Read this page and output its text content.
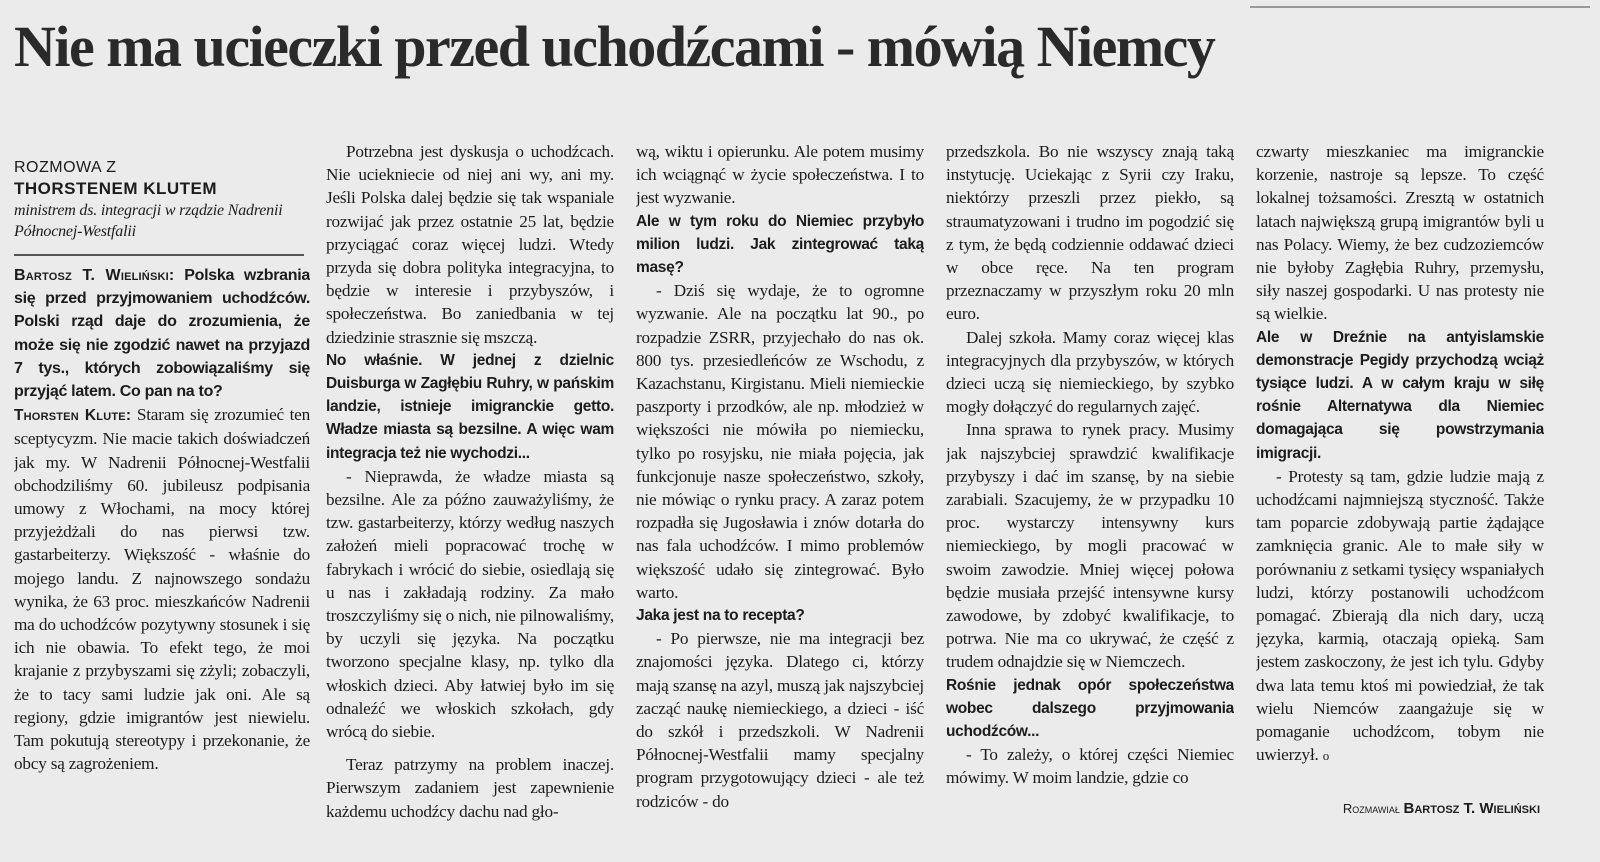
Nie ma ucieczki przed uchodźcami - mówią Niemcy
ROZMOWA Z
THORSTENEM KLUTEM
ministrem ds. integracji w rządzie Nadrenii Północnej-Westfalii

Bartosz T. Wieliński: Polska wzbrania się przed przyjmowaniem uchodźców. Polski rząd daje do zrozumienia, że może się nie zgodzić nawet na przyjazd 7 tys., których zobowiązaliśmy się przyjąć latem. Co pan na to?

Thorsten Klute: Staram się zrozumieć ten sceptycyzm. Nie macie takich doświadczeń jak my. W Nadrenii Północnej-Westfalii obchodziliśmy 60. jubileusz podpisania umowy z Włochami, na mocy której przyjeżdżali do nas pierwsi tzw. gastarbeiterzy. Większość - właśnie do mojego landu. Z najnowszego sondażu wynika, że 63 proc. mieszkańców Nadrenii ma do uchodźców pozytywny stosunek i się ich nie obawia. To efekt tego, że moi krajanie z przybyszami się zżyli; zobaczyli, że to tacy sami ludzie jak oni. Ale są regiony, gdzie imigrantów jest niewielu. Tam pokutują stereotypy i przekonanie, że obcy są zagrożeniem.

Potrzebna jest dyskusja o uchodźcach. Nie uciekniecie od niej ani wy, ani my. Jeśli Polska dalej będzie się tak wspaniale rozwijać jak przez ostatnie 25 lat, będzie przyciągać coraz więcej ludzi. Wtedy przyda się dobra polityka integracyjna, to będzie w interesie i przybyszów, i społeczeństwa. Bo zaniedbania w tej dziedzinie strasznie się mszczą.

No właśnie. W jednej z dzielnic Duisburga w Zagłębiu Ruhry, w pańskim landzie, istnieje imigranckie getto. Władze miasta są bezsilne. A więc wam integracja też nie wychodzi...

- Nieprawda, że władze miasta są bezsilne. Ale za późno zauważyliśmy, że tzw. gastarbeiterzy, którzy według naszych założeń mieli popracować trochę w fabrykach i wrócić do siebie, osiedlają się u nas i zakładają rodziny. Za mało troszczyliśmy się o nich, nie pilnowaliśmy, by uczyli się języka. Na początku tworzono specjalne klasy, np. tylko dla włoskich dzieci. Aby łatwiej było im się odnaleźć we włoskich szkołach, gdy wrócą do siebie.

Teraz patrzymy na problem inaczej. Pierwszym zadaniem jest zapewnienie każdemu uchodźcy dachu nad gło-

wą, wiktu i opierunku. Ale potem musimy ich wciągnąć w życie społeczeństwa. I to jest wyzwanie.

Ale w tym roku do Niemiec przybyło milion ludzi. Jak zintegrować taką masę?

- Dziś się wydaje, że to ogromne wyzwanie. Ale na początku lat 90., po rozpadzie ZSRR, przyjechało do nas ok. 800 tys. przesiedleńców ze Wschodu, z Kazachstanu, Kirgistanu. Mieli niemieckie paszporty i przodków, ale np. młodzież w większości nie mówiła po niemiecku, tylko po rosyjsku, nie miała pojęcia, jak funkcjonuje nasze społeczeństwo, szkoły, nie mówiąc o rynku pracy. A zaraz potem rozpadła się Jugosławia i znów dotarła do nas fala uchodźców. I mimo problemów większość udało się zintegrować. Było warto.

Jaka jest na to recepta?

- Po pierwsze, nie ma integracji bez znajomości języka. Dlatego ci, którzy mają szansę na azyl, muszą jak najszybciej zacząć naukę niemieckiego, a dzieci - iść do szkół i przedszkoli. W Nadrenii Północnej-Westfalii mamy specjalny program przygotowujący dzieci - ale też rodziców - do

przedszkola. Bo nie wszyscy znają taką instytucję. Uciekając z Syrii czy Iraku, niektórzy przeszli przez piekło, są straumatyzowani i trudno im pogodzić się z tym, że będą codziennie oddawać dzieci w obce ręce. Na ten program przeznaczamy w przyszłym roku 20 mln euro.

Dalej szkoła. Mamy coraz więcej klas integracyjnych dla przybyszów, w których dzieci uczą się niemieckiego, by szybko mogły dołączyć do regularnych zajęć.

Inna sprawa to rynek pracy. Musimy jak najszybciej sprawdzić kwalifikacje przybyszy i dać im szansę, by na siebie zarabiali. Szacujemy, że w przypadku 10 proc. wystarczy intensywny kurs niemieckiego, by mogli pracować w swoim zawodzie. Mniej więcej połowa będzie musiała przejść intensywne kursy zawodowe, by zdobyć kwalifikacje, to potrwa. Nie ma co ukrywać, że część z trudem odnajdzie się w Niemczech.

Rośnie jednak opór społeczeństwa wobec dalszego przyjmowania uchodźców...

- To zależy, o której części Niemiec mówimy. W moim landzie, gdzie co

czwarty mieszkaniec ma imigranckie korzenie, nastroje są lepsze. To część lokalnej tożsamości. Zresztą w ostatnich latach największą grupą imigrantów byli u nas Polacy. Wiemy, że bez cudzoziemców nie byłoby Zagłębia Ruhry, przemysłu, siły naszej gospodarki. U nas protesty nie są wielkie.

Ale w Dreźnie na antyislamskie demonstracje Pegidy przychodzą wciąż tysiące ludzi. A w całym kraju w siłę rośnie Alternatywa dla Niemiec domagająca się powstrzymania imigracji.

- Protesty są tam, gdzie ludzie mają z uchodźcami najmniejszą styczność. Także tam poparcie zdobywają partie żądające zamknięcia granic. Ale to małe siły w porównaniu z setkami tysięcy wspaniałych ludzi, którzy postanowili uchodźcom pomagać. Zbierają dla nich dary, uczą języka, karmią, otaczają opieką. Sam jestem zaskoczony, że jest ich tylu. Gdyby dwa lata temu ktoś mi powiedział, że tak wielu Niemców zaangażuje się w pomaganie uchodźcom, tobym nie uwierzył. o

Rozmawiał Bartosz T. Wieliński
